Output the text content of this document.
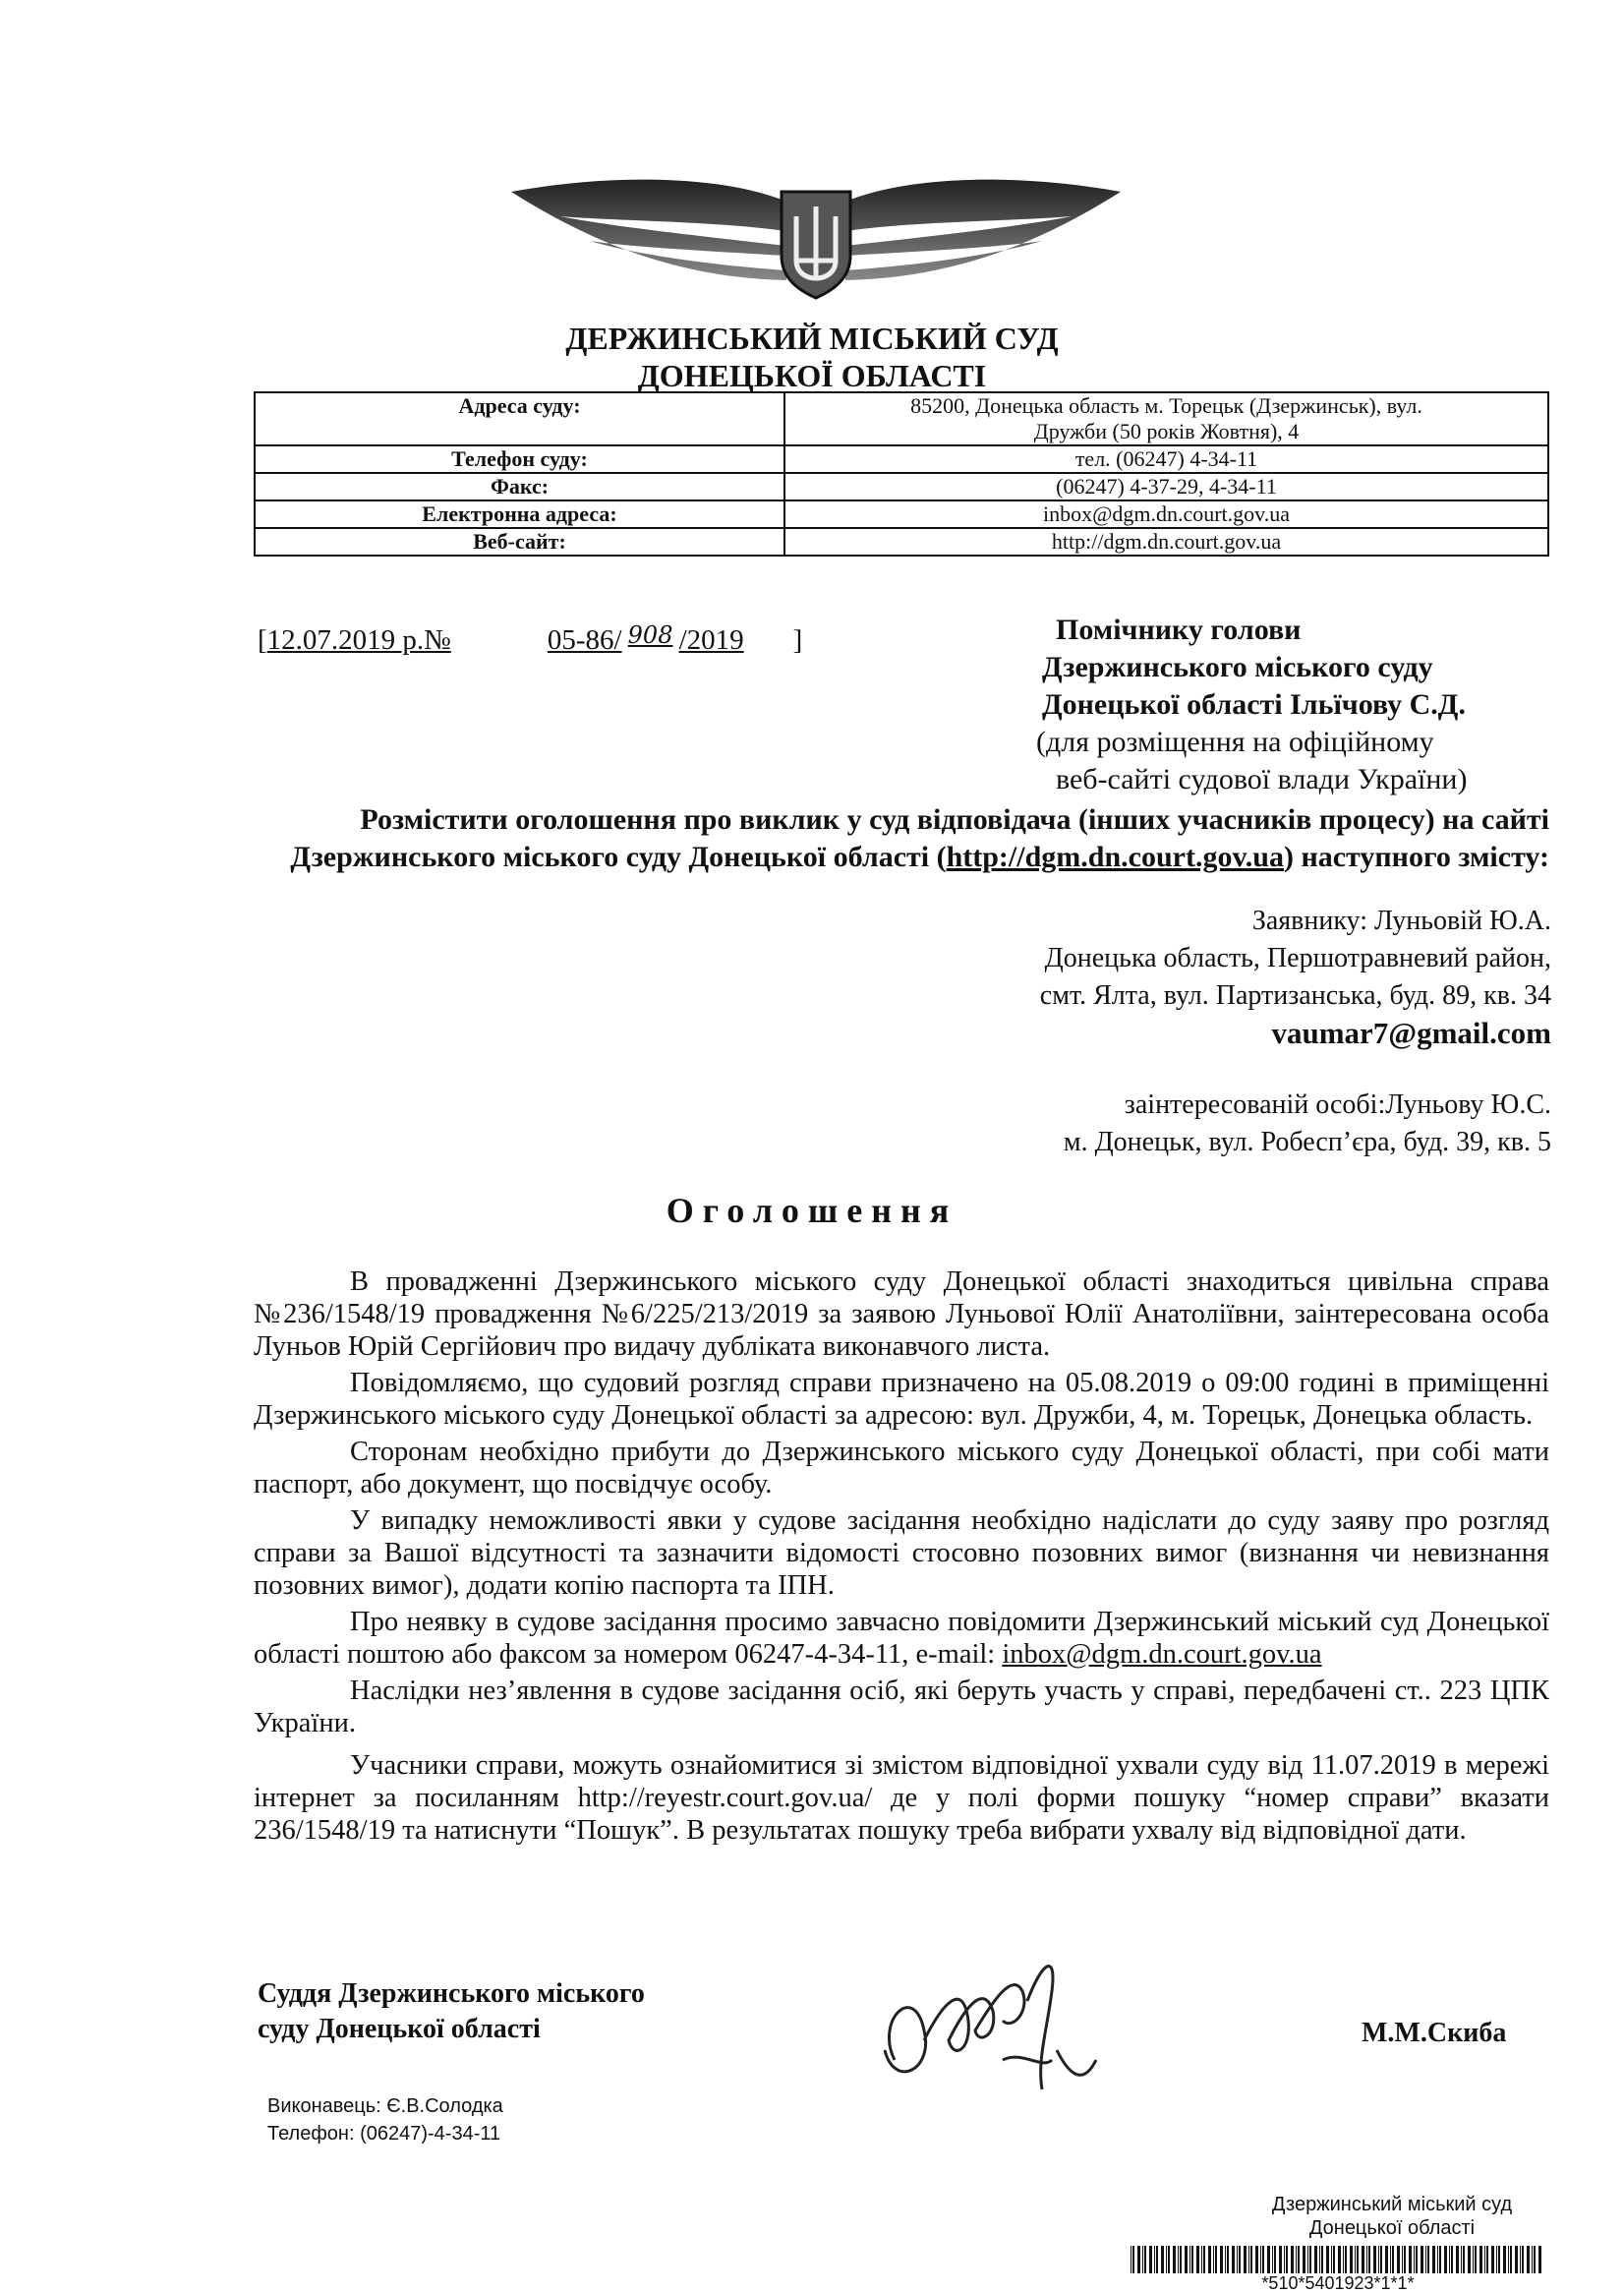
ДЕРЖИНСЬКИЙ МІСЬКИЙ СУД
ДОНЕЦЬКОЇ ОБЛАСТІ
Адреса суду:	85200, Донецька область м. Торецьк (Дзержинськ), вул.
Дружби (50 років Жовтня), 4
Телефон суду:	тел. (06247) 4-34-11
Факс:	(06247) 4-37-29, 4-34-11
Електронна адреса:	inbox@dgm.dn.court.gov.ua
Веб-сайт:	http://dgm.dn.court.gov.ua
[12.07.2019 р.№	05-86/ 908 /2019 ]	Помічнику голови
Дзержинського міського суду
Донецької області Ільїчову С.Д.
(для розміщення на офіційному
веб-сайті судової влади України)
Розмістити оголошення про виклик у суд відповідача (інших учасників процесу) на сайті
Дзержинського міського суду Донецької області (http://dgm.dn.court.gov.ua) наступного змісту:
Заявнику: Луньовій Ю.А.
Донецька область, Першотравневий район,
смт. Ялта, вул. Партизанська, буд. 89, кв. 34
vaumar7@gmail.com
заінтересованій особі:Луньову Ю.С.
м. Донецьк, вул. Робесп’єра, буд. 39, кв. 5
Оголошення

В провадженні Дзержинського міського суду Донецької області знаходиться цивільна справа №236/1548/19 провадження №6/225/213/2019 за заявою Луньової Юлії Анатоліївни, заінтересована особа Луньов Юрій Сергійович про видачу дубліката виконавчого листа.

Повідомляємо, що судовий розгляд справи призначено на 05.08.2019 о 09:00 годині в приміщенні Дзержинського міського суду Донецької області за адресою: вул. Дружби, 4, м. Торецьк, Донецька область.

Сторонам необхідно прибути до Дзержинського міського суду Донецької області, при собі мати паспорт, або документ, що посвідчує особу.

У випадку неможливості явки у судове засідання необхідно надіслати до суду заяву про розгляд справи за Вашої відсутності та зазначити відомості стосовно позовних вимог (визнання чи невизнання позовних вимог), додати копію паспорта та ІПН.

Про неявку в судове засідання просимо завчасно повідомити Дзержинський міський суд Донецької області поштою або факсом за номером 06247-4-34-11, e-mail: inbox@dgm.dn.court.gov.ua

Наслідки нез’явлення в судове засідання осіб, які беруть участь у справі, передбачені ст.. 223 ЦПК України.

Учасники справи, можуть ознайомитися зі змістом відповідної ухвали суду від 11.07.2019 в мережі інтернет за посиланням http://reyestr.court.gov.ua/ де у полі форми пошуку “номер справи” вказати 236/1548/19 та натиснути “Пошук”. В результатах пошуку треба вибрати ухвалу від відповідної дати.

Суддя Дзержинського міського
суду Донецької області	М.М.Скиба
Виконавець: Є.В.Солодка
Телефон: (06247)-4-34-11
Дзержинський міський суд
Донецької області
*510*5401923*1*1*
